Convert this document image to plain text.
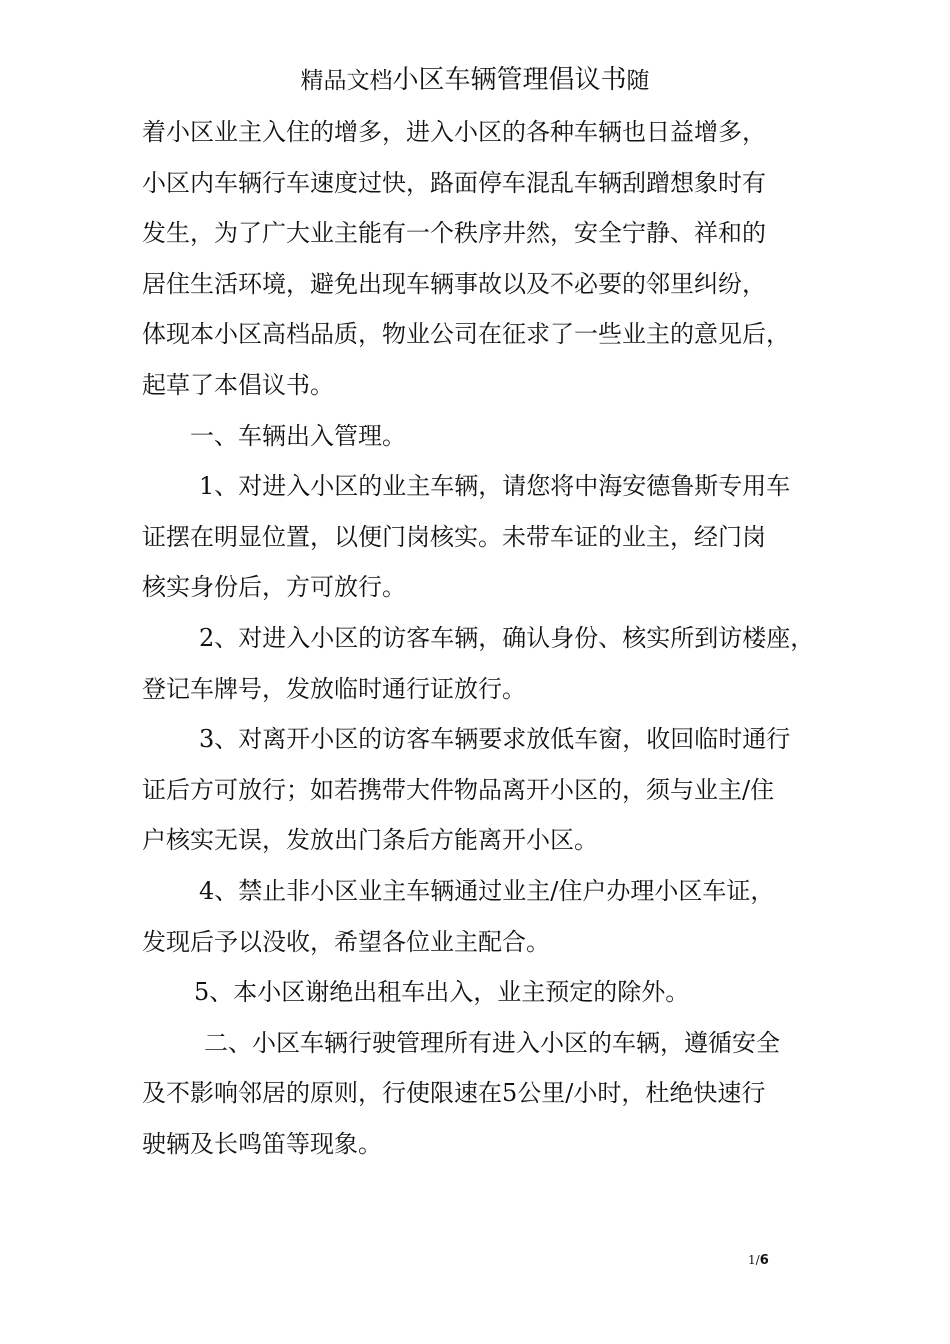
精品文档小区车辆管理倡议书随
着小区业主入住的增多，进入小区的各种车辆也日益增多，
小区内车辆行车速度过快，路面停车混乱车辆刮蹭想象时有
发生，为了广大业主能有一个秩序井然，安全宁静、祥和的
居住生活环境，避免出现车辆事故以及不必要的邻里纠纷，
体现本小区高档品质，物业公司在征求了一些业主的意见后，
起草了本倡议书。
一、车辆出入管理。
1、对进入小区的业主车辆，请您将中海安德鲁斯专用车
证摆在明显位置，以便门岗核实。未带车证的业主，经门岗
核实身份后，方可放行。
2、对进入小区的访客车辆，确认身份、核实所到访楼座，
登记车牌号，发放临时通行证放行。
3、对离开小区的访客车辆要求放低车窗，收回临时通行
证后方可放行；如若携带大件物品离开小区的，须与业主/住
户核实无误，发放出门条后方能离开小区。
4、禁止非小区业主车辆通过业主/住户办理小区车证，
发现后予以没收，希望各位业主配合。
5、本小区谢绝出租车出入，业主预定的除外。
二、小区车辆行驶管理所有进入小区的车辆，遵循安全
及不影响邻居的原则，行使限速在5公里/小时，杜绝快速行
驶辆及长鸣笛等现象。
1/6
